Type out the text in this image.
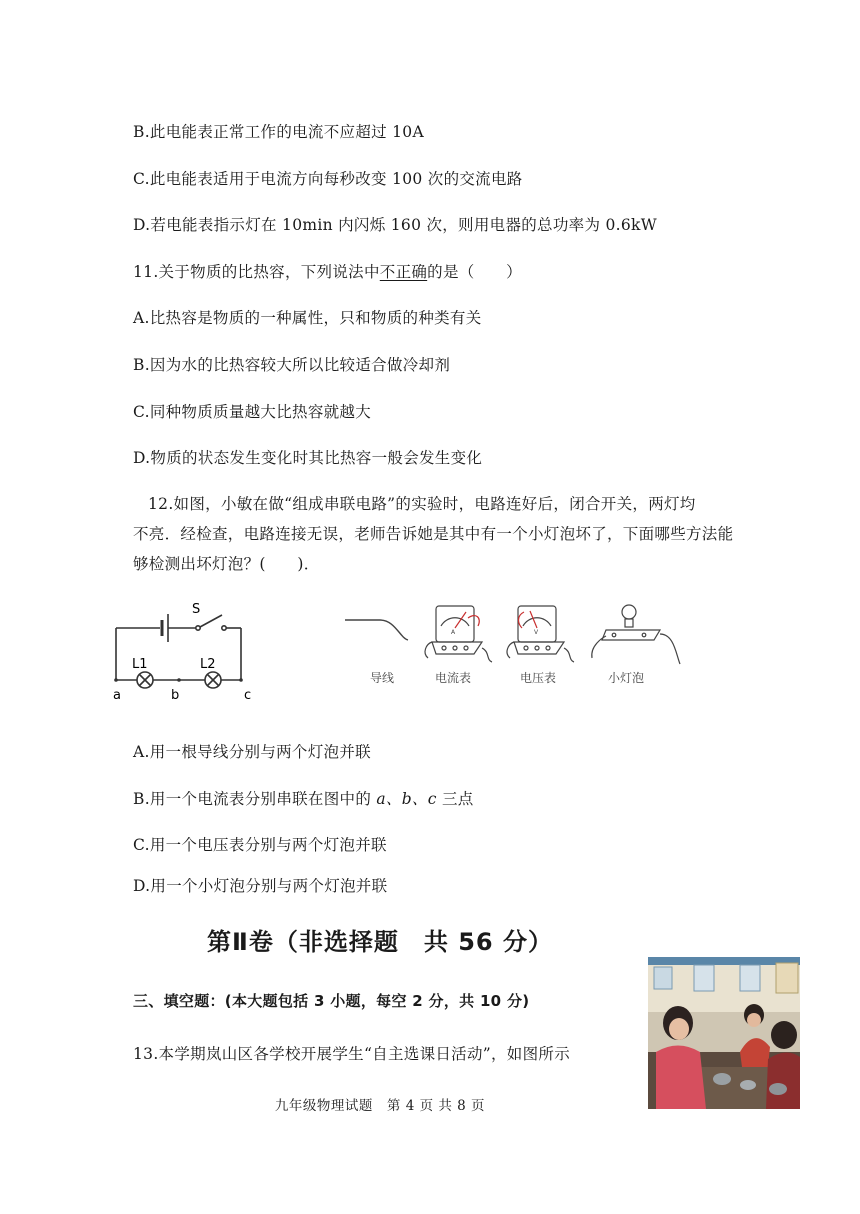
B.此电能表正常工作的电流不应超过 10A
C.此电能表适用于电流方向每秒改变 100 次的交流电路
D.若电能表指示灯在 10min 内闪烁 160 次，则用电器的总功率为 0.6kW
11.关于物质的比热容，下列说法中不正确的是（　　）
A.比热容是物质的一种属性，只和物质的种类有关
B.因为水的比热容较大所以比较适合做冷却剂
C.同种物质质量越大比热容就越大
D.物质的状态发生变化时其比热容一般会发生变化
12.如图，小敏在做“组成串联电路”的实验时，电路连好后，闭合开关，两灯均
不亮．经检查，电路连接无误，老师告诉她是其中有一个小灯泡坏了，下面哪些方法能
够检测出坏灯泡？(　　)．
S
L1	L2
a	b	c
A	V
导线	电流表	电压表	小灯泡
A.用一根导线分别与两个灯泡并联
B.用一个电流表分别串联在图中的 a、b、c 三点
C.用一个电压表分别与两个灯泡并联
D.用一个小灯泡分别与两个灯泡并联
第Ⅱ卷（非选择题　共 56 分）
三、填空题：(本大题包括 3 小题，每空 2 分，共 10 分)
13.本学期岚山区各学校开展学生“自主选课日活动”，如图所示
九年级物理试题　第 4 页 共 8 页
